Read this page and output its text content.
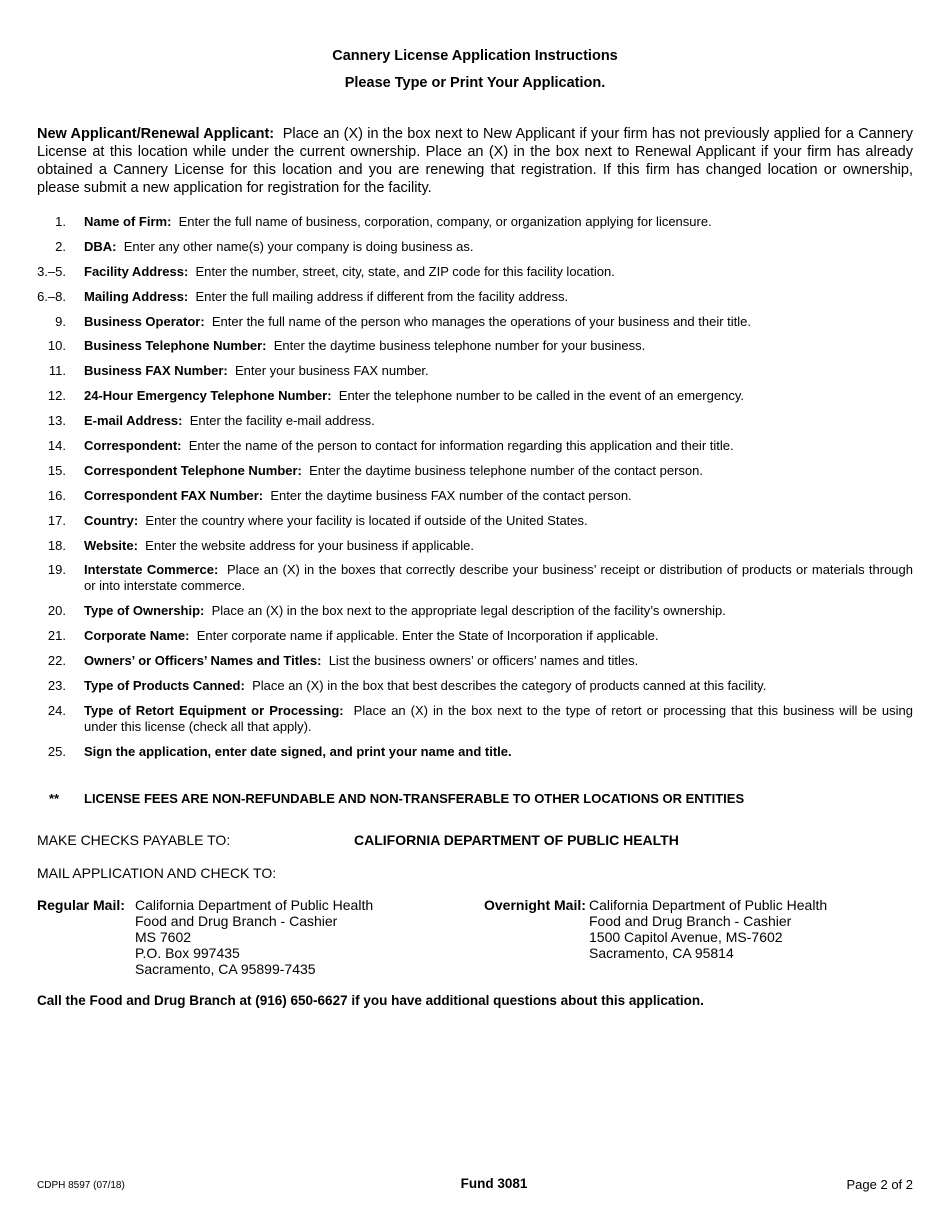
Cannery License Application Instructions
Please Type or Print Your Application.
New Applicant/Renewal Applicant: Place an (X) in the box next to New Applicant if your firm has not previously applied for a Cannery License at this location while under the current ownership. Place an (X) in the box next to Renewal Applicant if your firm has already obtained a Cannery License for this location and you are renewing that registration. If this firm has changed location or ownership, please submit a new application for registration for the facility.
1. Name of Firm: Enter the full name of business, corporation, company, or organization applying for licensure.
2. DBA: Enter any other name(s) your company is doing business as.
3.–5. Facility Address: Enter the number, street, city, state, and ZIP code for this facility location.
6.–8. Mailing Address: Enter the full mailing address if different from the facility address.
9. Business Operator: Enter the full name of the person who manages the operations of your business and their title.
10. Business Telephone Number: Enter the daytime business telephone number for your business.
11. Business FAX Number: Enter your business FAX number.
12. 24-Hour Emergency Telephone Number: Enter the telephone number to be called in the event of an emergency.
13. E-mail Address: Enter the facility e-mail address.
14. Correspondent: Enter the name of the person to contact for information regarding this application and their title.
15. Correspondent Telephone Number: Enter the daytime business telephone number of the contact person.
16. Correspondent FAX Number: Enter the daytime business FAX number of the contact person.
17. Country: Enter the country where your facility is located if outside of the United States.
18. Website: Enter the website address for your business if applicable.
19. Interstate Commerce: Place an (X) in the boxes that correctly describe your business’ receipt or distribution of products or materials through or into interstate commerce.
20. Type of Ownership: Place an (X) in the box next to the appropriate legal description of the facility’s ownership.
21. Corporate Name: Enter corporate name if applicable. Enter the State of Incorporation if applicable.
22. Owners’ or Officers’ Names and Titles: List the business owners’ or officers’ names and titles.
23. Type of Products Canned: Place an (X) in the box that best describes the category of products canned at this facility.
24. Type of Retort Equipment or Processing: Place an (X) in the box next to the type of retort or processing that this business will be using under this license (check all that apply).
25. Sign the application, enter date signed, and print your name and title.
** LICENSE FEES ARE NON-REFUNDABLE AND NON-TRANSFERABLE TO OTHER LOCATIONS OR ENTITIES
MAKE CHECKS PAYABLE TO:	CALIFORNIA DEPARTMENT OF PUBLIC HEALTH
MAIL APPLICATION AND CHECK TO:
Regular Mail: California Department of Public Health
Food and Drug Branch - Cashier
MS 7602
P.O. Box 997435
Sacramento, CA 95899-7435
Overnight Mail: California Department of Public Health
Food and Drug Branch - Cashier
1500 Capitol Avenue, MS-7602
Sacramento, CA 95814
Call the Food and Drug Branch at (916) 650-6627 if you have additional questions about this application.
CDPH 8597 (07/18)	Fund 3081	Page 2 of 2
